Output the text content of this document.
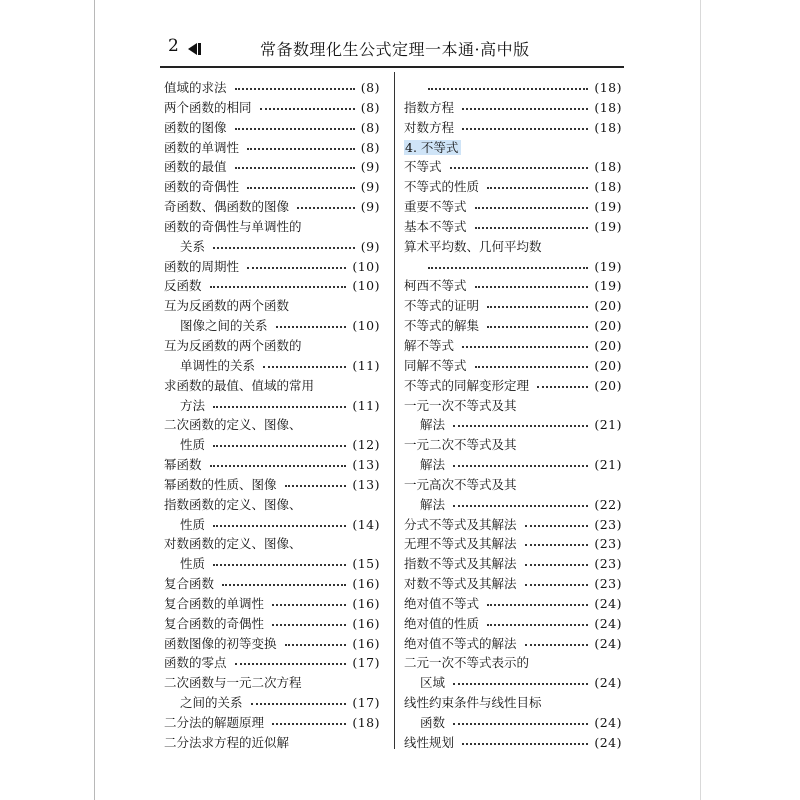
2	常备数理化生公式定理一本通·高中版
值域的求法	(8)
两个函数的相同	(8)
函数的图像	(8)
函数的单调性	(8)
函数的最值	(9)
函数的奇偶性	(9)
奇函数、偶函数的图像	(9)
函数的奇偶性与单调性的
关系	(9)
函数的周期性	(10)
反函数	(10)
互为反函数的两个函数
图像之间的关系	(10)
互为反函数的两个函数的
单调性的关系	(11)
求函数的最值、值域的常用
方法	(11)
二次函数的定义、图像、
性质	(12)
幂函数	(13)
幂函数的性质、图像	(13)
指数函数的定义、图像、
性质	(14)
对数函数的定义、图像、
性质	(15)
复合函数	(16)
复合函数的单调性	(16)
复合函数的奇偶性	(16)
函数图像的初等变换	(16)
函数的零点	(17)
二次函数与一元二次方程
之间的关系	(17)
二分法的解题原理	(18)
二分法求方程的近似解
(18)
指数方程	(18)
对数方程	(18)
4. 不等式
不等式	(18)
不等式的性质	(18)
重要不等式	(19)
基本不等式	(19)
算术平均数、几何平均数
(19)
柯西不等式	(19)
不等式的证明	(20)
不等式的解集	(20)
解不等式	(20)
同解不等式	(20)
不等式的同解变形定理	(20)
一元一次不等式及其
解法	(21)
一元二次不等式及其
解法	(21)
一元高次不等式及其
解法	(22)
分式不等式及其解法	(23)
无理不等式及其解法	(23)
指数不等式及其解法	(23)
对数不等式及其解法	(23)
绝对值不等式	(24)
绝对值的性质	(24)
绝对值不等式的解法	(24)
二元一次不等式表示的
区域	(24)
线性约束条件与线性目标
函数	(24)
线性规划	(24)
